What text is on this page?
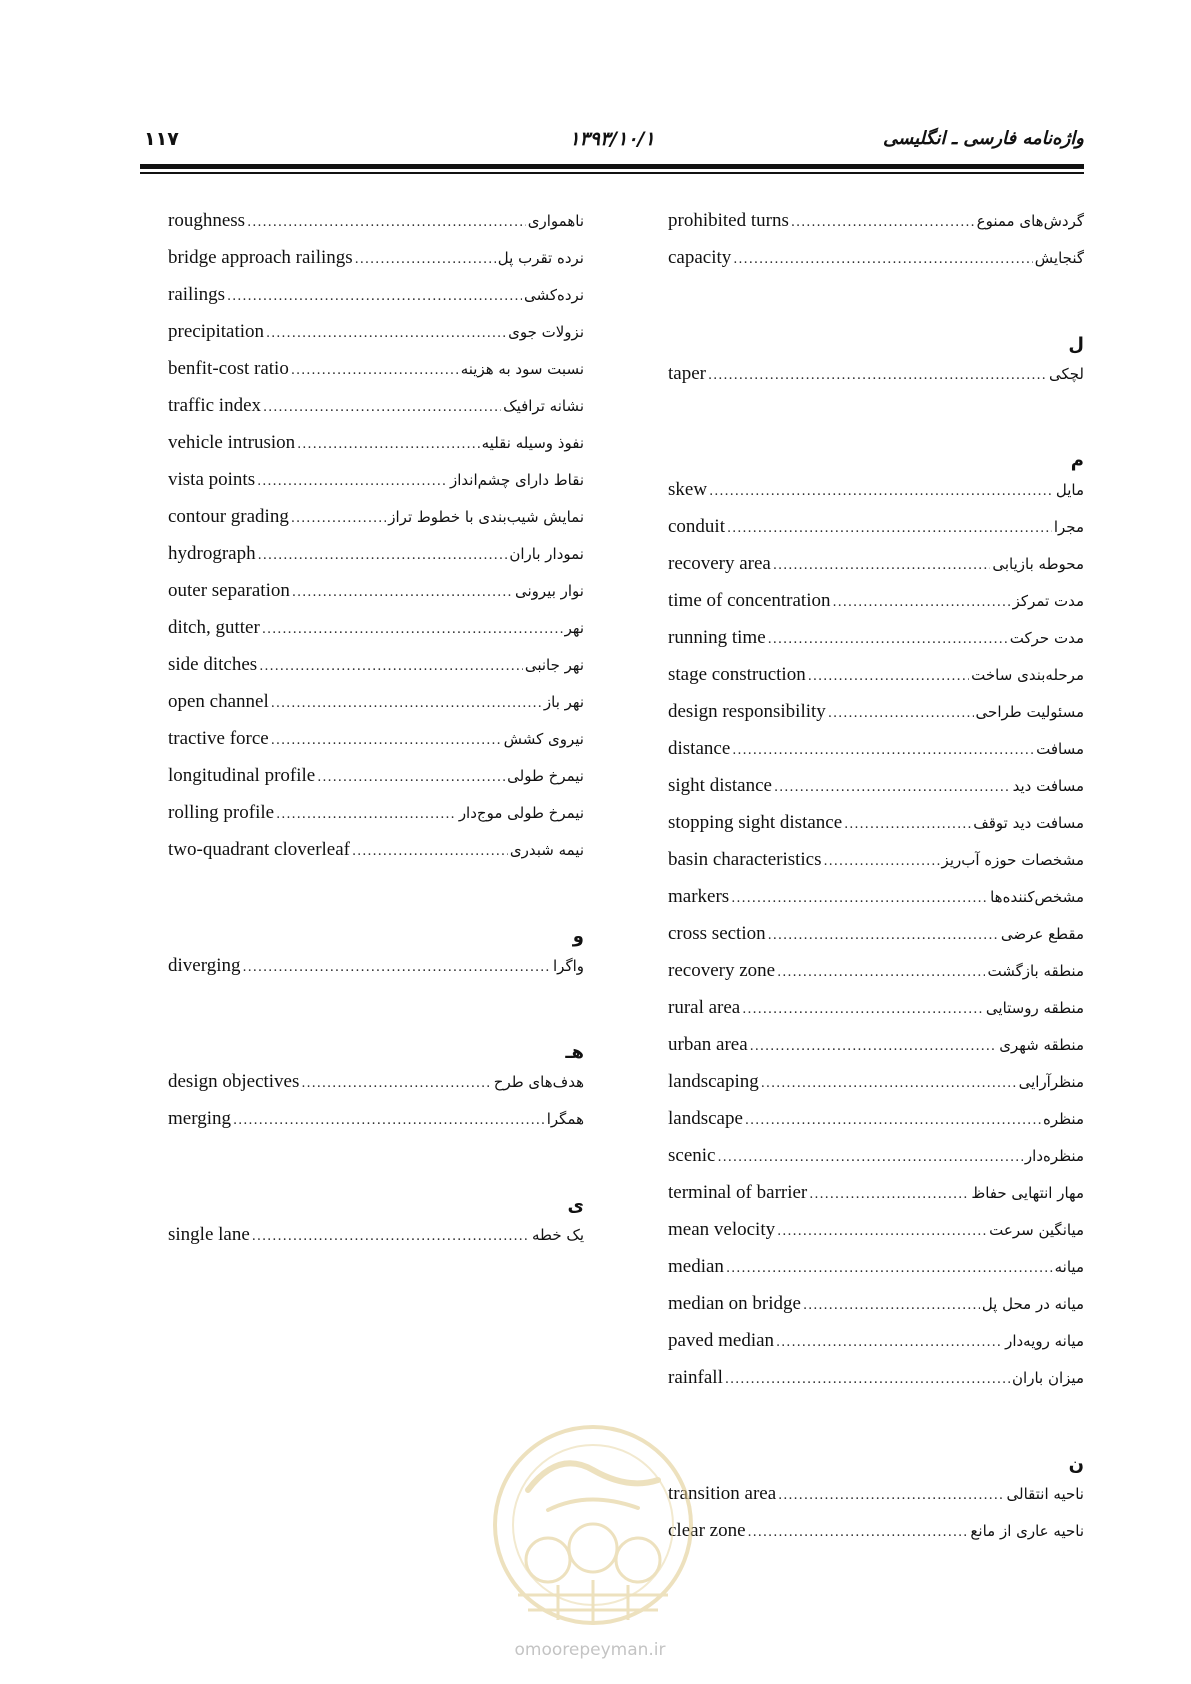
۱۱۷	۱۳۹۳/۱۰/۱	واژه‌نامه فارسی ـ انگلیسی
prohibited turns .....	گردش‌های ممنوع
capacity .....	گنجایش
ل
taper .....	لچکی
م
skew .....	مایل
conduit .....	مجرا
recovery area .....	محوطه بازیابی
time of concentration .....	مدت تمرکز
running time .....	مدت حرکت
stage construction .....	مرحله‌بندی ساخت
design responsibility .....	مسئولیت طراحی
distance .....	مسافت
sight distance .....	مسافت دید
stopping sight distance .....	مسافت دید توقف
basin characteristics .....	مشخصات حوزه آب‌ریز
markers .....	مشخص‌کننده‌ها
cross section .....	مقطع عرضی
recovery zone .....	منطقه بازگشت
rural area .....	منطقه روستایی
urban area .....	منطقه شهری
landscaping .....	منظرآرایی
landscape .....	منظره
scenic .....	منظره‌دار
terminal of barrier .....	مهار انتهایی حفاظ
mean velocity .....	میانگین سرعت
median .....	میانه
median on bridge .....	میانه در محل پل
paved median .....	میانه رویه‌دار
rainfall .....	میزان باران
ن
transition area .....	ناحیه انتقالی
clear zone .....	ناحیه عاری از مانع
roughness .....	ناهمواری
bridge approach railings .....	نرده تقرب پل
railings .....	نرده‌کشی
precipitation .....	نزولات جوی
benfit-cost ratio .....	نسبت سود به هزینه
traffic index .....	نشانه ترافیک
vehicle intrusion .....	نفوذ وسیله نقلیه
vista points .....	نقاط دارای چشم‌انداز
contour grading .....	نمایش شیب‌بندی با خطوط تراز
hydrograph .....	نمودار باران
outer separation .....	نوار بیرونی
ditch, gutter .....	نهر
side ditches .....	نهر جانبی
open channel .....	نهر باز
tractive force .....	نیروی کشش
longitudinal profile .....	نیمرخ طولی
rolling profile .....	نیمرخ طولی موج‌دار
two-quadrant cloverleaf .....	نیمه شبدری
و
diverging .....	واگرا
هـ
design objectives .....	هدف‌های طرح
merging .....	همگرا
ی
single lane .....	یک خطه
omoorepeyman.ir
